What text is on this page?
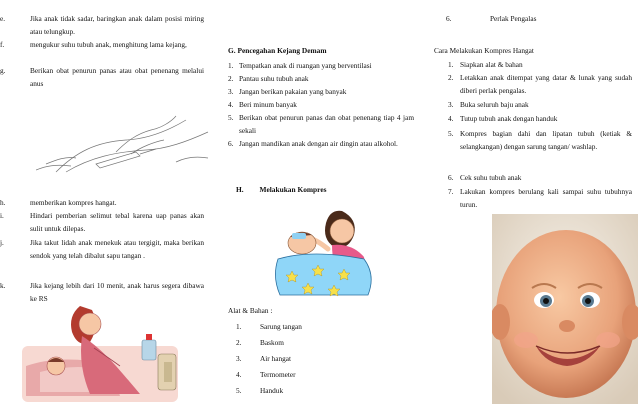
e.	Jika anak tidak sadar, baringkan anak dalam posisi miring atau telungkup.
f.	mengukur suhu tubuh anak, menghitung lama kejang,
g.	Berikan obat penurun panas atau obat penenang melalui anus
h.	memberikan kompres hangat.
i.	Hindari pemberian selimut tebal karena uap panas akan sulit untuk dilepas.
j.	Jika takut lidah anak menekuk atau tergigit, maka berikan sendok yang telah dibalut sapu tangan .
k.	Jika kejang lebih dari 10 menit, anak harus segera dibawa ke RS
G. Pencegahan Kejang Demam
1. Tempatkan anak di ruangan yang berventilasi
2. Pantau suhu tubuh anak
3. Jangan berikan pakaian yang banyak
4. Beri minum banyak
5. Berikan obat penurun panas dan obat penenang tiap 4 jam sekali
6. Jangan mandikan anak dengan air dingin atau alkohol.
H. Melakukan Kompres
Alat & Bahan :
1.	Sarung tangan
2.	Baskom
3.	Air hangat
4.	Termometer
5.	Handuk
6.	Perlak Pengalas
Cara Melakukan Kompres Hangat
1. Siapkan alat & bahan
2. Letakkan anak ditempat yang datar & lunak yang sudah diberi perlak pengalas.
3. Buka seluruh baju anak
4. Tutup tubuh anak dengan handuk
5. Kompres bagian dahi dan lipatan tubuh (ketiak & selangkangan) dengan sarung tangan/ washlap.
6. Cek suhu tubuh anak
7. Lakukan kompres berulang kali sampai suhu tubuhnya turun.
